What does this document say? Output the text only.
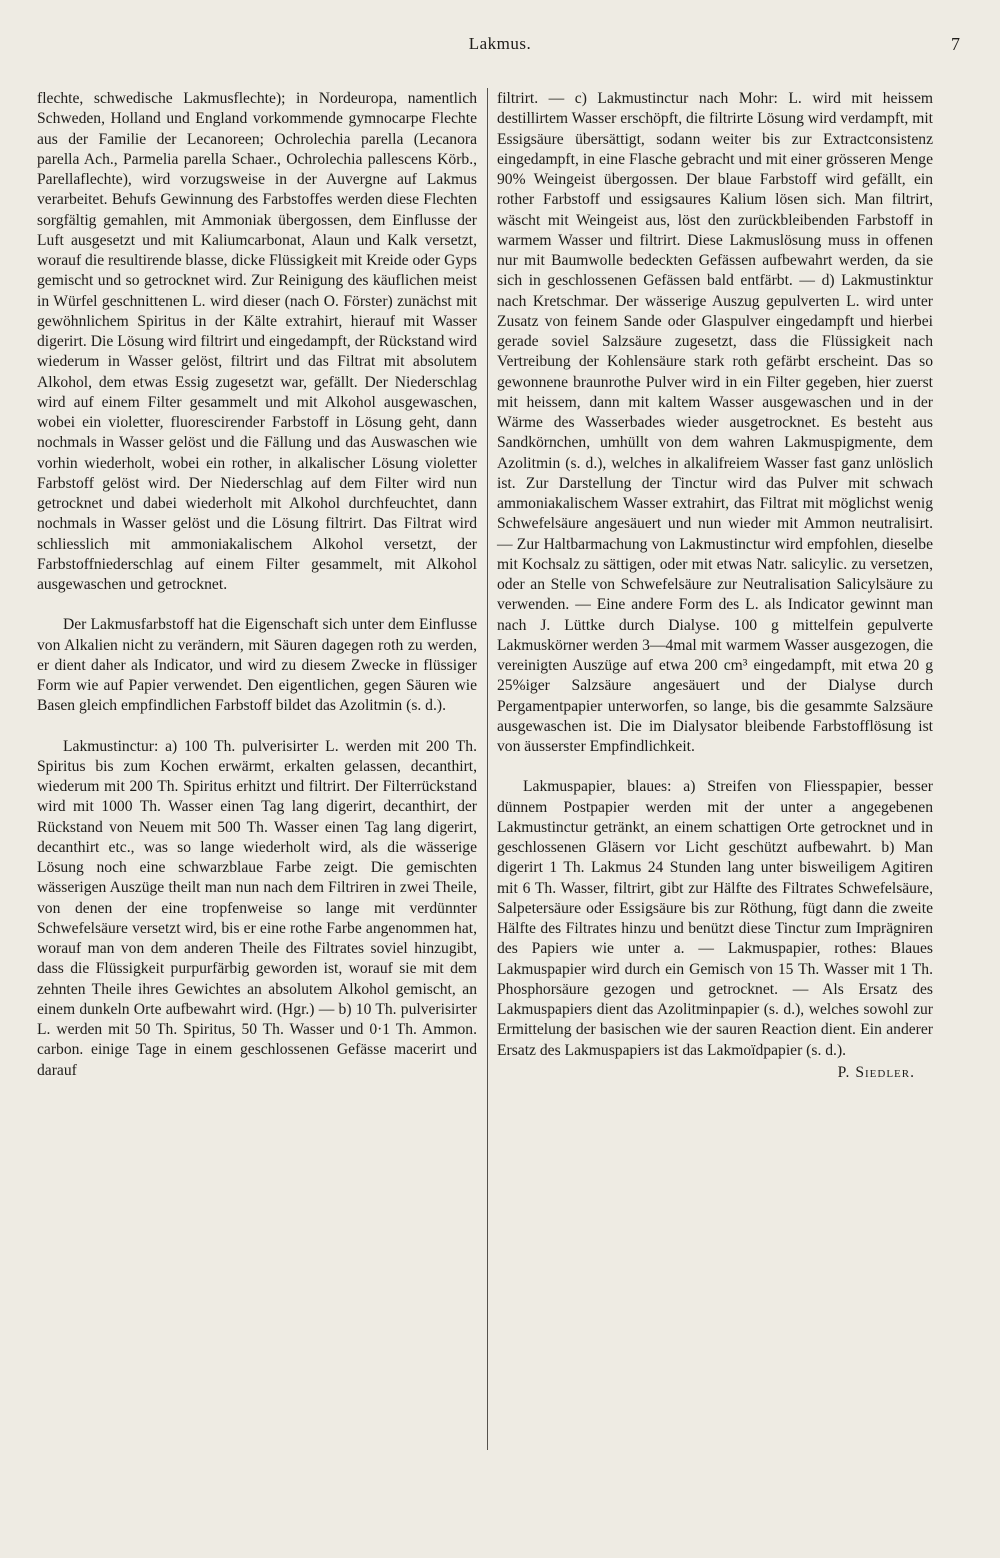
Lakmus.	7

flechte, schwedische Lakmusflechte); in Nordeuropa, namentlich Schweden, Holland und England vorkommende gymnocarpe Flechte aus der Familie der Lecanoreen; Ochrolechia parella (Lecanora parella Ach., Parmelia parella Schaer., Ochrolechia pallescens Körb., Parellaflechte), wird vorzugsweise in der Auvergne auf Lakmus verarbeitet. Behufs Gewinnung des Farbstoffes werden diese Flechten sorgfältig gemahlen, mit Ammoniak übergossen, dem Einflusse der Luft ausgesetzt und mit Kaliumcarbonat, Alaun und Kalk versetzt, worauf die resultirende blasse, dicke Flüssigkeit mit Kreide oder Gyps gemischt und so getrocknet wird. Zur Reinigung des käuflichen meist in Würfel geschnittenen L. wird dieser (nach O. Förster) zunächst mit gewöhnlichem Spiritus in der Kälte extrahirt, hierauf mit Wasser digerirt. Die Lösung wird filtrirt und eingedampft, der Rückstand wird wiederum in Wasser gelöst, filtrirt und das Filtrat mit absolutem Alkohol, dem etwas Essig zugesetzt war, gefällt. Der Niederschlag wird auf einem Filter gesammelt und mit Alkohol ausgewaschen, wobei ein violetter, fluorescirender Farbstoff in Lösung geht, dann nochmals in Wasser gelöst und die Fällung und das Auswaschen wie vorhin wiederholt, wobei ein rother, in alkalischer Lösung violetter Farbstoff gelöst wird. Der Niederschlag auf dem Filter wird nun getrocknet und dabei wiederholt mit Alkohol durchfeuchtet, dann nochmals in Wasser gelöst und die Lösung filtrirt. Das Filtrat wird schliesslich mit ammoniakalischem Alkohol versetzt, der Farbstoffniederschlag auf einem Filter gesammelt, mit Alkohol ausgewaschen und getrocknet.

Der Lakmusfarbstoff hat die Eigenschaft sich unter dem Einflusse von Alkalien nicht zu verändern, mit Säuren dagegen roth zu werden, er dient daher als Indicator, und wird zu diesem Zwecke in flüssiger Form wie auf Papier verwendet. Den eigentlichen, gegen Säuren wie Basen gleich empfindlichen Farbstoff bildet das Azolitmin (s. d.).

Lakmustinctur: a) 100 Th. pulverisirter L. werden mit 200 Th. Spiritus bis zum Kochen erwärmt, erkalten gelassen, decanthirt, wiederum mit 200 Th. Spiritus erhitzt und filtrirt. Der Filterrückstand wird mit 1000 Th. Wasser einen Tag lang digerirt, decanthirt, der Rückstand von Neuem mit 500 Th. Wasser einen Tag lang digerirt, decanthirt etc., was so lange wiederholt wird, als die wässerige Lösung noch eine schwarzblaue Farbe zeigt. Die gemischten wässerigen Auszüge theilt man nun nach dem Filtriren in zwei Theile, von denen der eine tropfenweise so lange mit verdünnter Schwefelsäure versetzt wird, bis er eine rothe Farbe angenommen hat, worauf man von dem anderen Theile des Filtrates soviel hinzugibt, dass die Flüssigkeit purpurfärbig geworden ist, worauf sie mit dem zehnten Theile ihres Gewichtes an absolutem Alkohol gemischt, an einem dunkeln Orte aufbewahrt wird. (Hgr.) — b) 10 Th. pulverisirter L. werden mit 50 Th. Spiritus, 50 Th. Wasser und 0·1 Th. Ammon. carbon. einige Tage in einem geschlossenen Gefässe macerirt und darauf

filtrirt. — c) Lakmustinctur nach Mohr: L. wird mit heissem destillirtem Wasser erschöpft, die filtrirte Lösung wird verdampft, mit Essigsäure übersättigt, sodann weiter bis zur Extractconsistenz eingedampft, in eine Flasche gebracht und mit einer grösseren Menge 90% Weingeist übergossen. Der blaue Farbstoff wird gefällt, ein rother Farbstoff und essigsaures Kalium lösen sich. Man filtrirt, wäscht mit Weingeist aus, löst den zurückbleibenden Farbstoff in warmem Wasser und filtrirt. Diese Lakmuslösung muss in offenen nur mit Baumwolle bedeckten Gefässen aufbewahrt werden, da sie sich in geschlossenen Gefässen bald entfärbt. — d) Lakmustinktur nach Kretschmar. Der wässerige Auszug gepulverten L. wird unter Zusatz von feinem Sande oder Glaspulver eingedampft und hierbei gerade soviel Salzsäure zugesetzt, dass die Flüssigkeit nach Vertreibung der Kohlensäure stark roth gefärbt erscheint. Das so gewonnene braunrothe Pulver wird in ein Filter gegeben, hier zuerst mit heissem, dann mit kaltem Wasser ausgewaschen und in der Wärme des Wasserbades wieder ausgetrocknet. Es besteht aus Sandkörnchen, umhüllt von dem wahren Lakmuspigmente, dem Azolitmin (s. d.), welches in alkalifreiem Wasser fast ganz unlöslich ist. Zur Darstellung der Tinctur wird das Pulver mit schwach ammoniakalischem Wasser extrahirt, das Filtrat mit möglichst wenig Schwefelsäure angesäuert und nun wieder mit Ammon neutralisirt. — Zur Haltbarmachung von Lakmustinctur wird empfohlen, dieselbe mit Kochsalz zu sättigen, oder mit etwas Natr. salicylic. zu versetzen, oder an Stelle von Schwefelsäure zur Neutralisation Salicylsäure zu verwenden. — Eine andere Form des L. als Indicator gewinnt man nach J. Lüttke durch Dialyse. 100 g mittelfein gepulverte Lakmuskörner werden 3—4mal mit warmem Wasser ausgezogen, die vereinigten Auszüge auf etwa 200 cm³ eingedampft, mit etwa 20 g 25%iger Salzsäure angesäuert und der Dialyse durch Pergamentpapier unterworfen, so lange, bis die gesammte Salzsäure ausgewaschen ist. Die im Dialysator bleibende Farbstofflösung ist von äusserster Empfindlichkeit.

Lakmuspapier, blaues: a) Streifen von Fliesspapier, besser dünnem Postpapier werden mit der unter a angegebenen Lakmustinctur getränkt, an einem schattigen Orte getrocknet und in geschlossenen Gläsern vor Licht geschützt aufbewahrt. b) Man digerirt 1 Th. Lakmus 24 Stunden lang unter bisweiligem Agitiren mit 6 Th. Wasser, filtrirt, gibt zur Hälfte des Filtrates Schwefelsäure, Salpetersäure oder Essigsäure bis zur Röthung, fügt dann die zweite Hälfte des Filtrates hinzu und benützt diese Tinctur zum Imprägniren des Papiers wie unter a. — Lakmuspapier, rothes: Blaues Lakmuspapier wird durch ein Gemisch von 15 Th. Wasser mit 1 Th. Phosphorsäure gezogen und getrocknet. — Als Ersatz des Lakmuspapiers dient das Azolitminpapier (s. d.), welches sowohl zur Ermittelung der basischen wie der sauren Reaction dient. Ein anderer Ersatz des Lakmuspapiers ist das Lakmoïdpapier (s. d.).

P. Siedler.
